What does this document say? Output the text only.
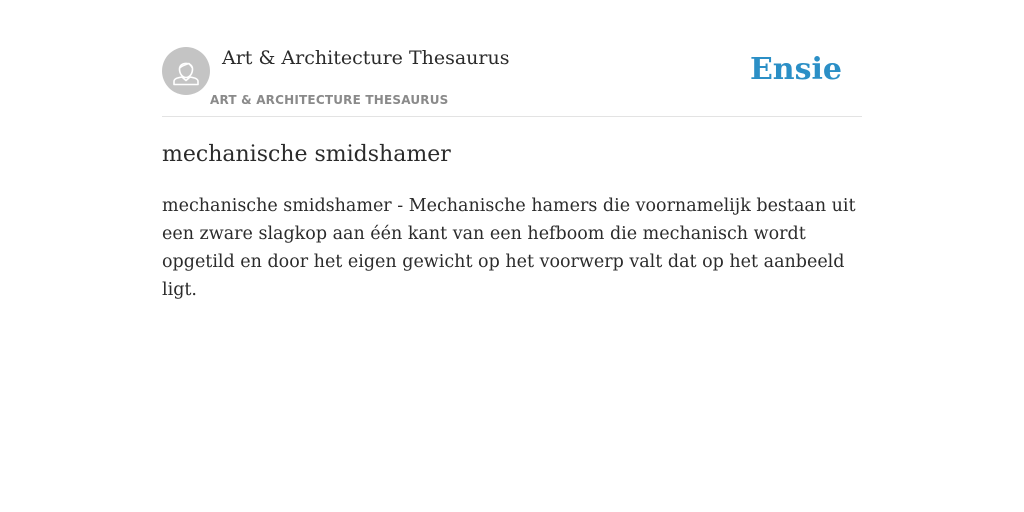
Art & Architecture Thesaurus
ART & ARCHITECTURE THESAURUS
Ensie
mechanische smidshamer

mechanische smidshamer - Mechanische hamers die voornamelijk bestaan uit een zware slagkop aan één kant van een hefboom die mechanisch wordt opgetild en door het eigen gewicht op het voorwerp valt dat op het aanbeeld ligt.
